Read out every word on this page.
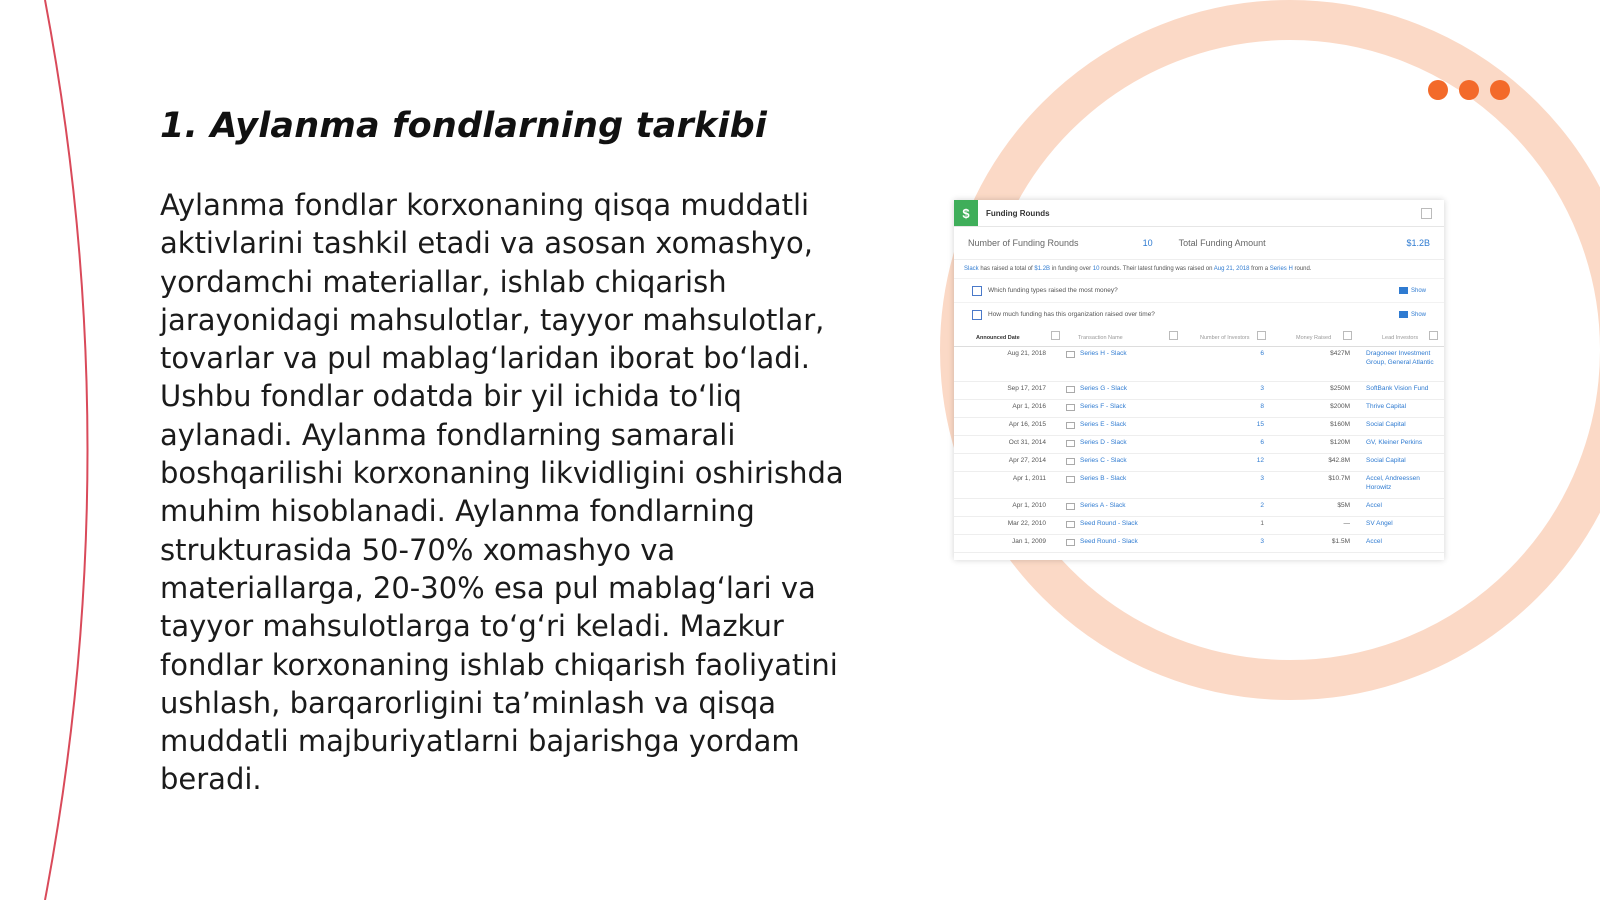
1. Aylanma fondlarning tarkibi

Aylanma fondlar korxonaning qisqa muddatli aktivlarini tashkil etadi va asosan xomashyo, yordamchi materiallar, ishlab chiqarish jarayonidagi mahsulotlar, tayyor mahsulotlar, tovarlar va pul mablag‘laridan iborat bo‘ladi. Ushbu fondlar odatda bir yil ichida to‘liq aylanadi. Aylanma fondlarning samarali boshqarilishi korxonaning likvidligini oshirishda muhim hisoblanadi. Aylanma fondlarning strukturasida 50-70% xomashyo va materiallarga, 20-30% esa pul mablag‘lari va tayyor mahsulotlarga to‘g‘ri keladi. Mazkur fondlar korxonaning ishlab chiqarish faoliyatini ushlash, barqarorligini ta’minlash va qisqa muddatli majburiyatlarni bajarishga yordam beradi.

$	Funding Rounds
Number of Funding Rounds	10	Total Funding Amount	$1.2B
Slack has raised a total of $1.2B in funding over 10 rounds. Their latest funding was raised on Aug 21, 2018 from a Series H round.
Which funding types raised the most money?	Show
How much funding has this organization raised over time?	Show
Announced Date	Transaction Name	Number of Investors	Money Raised	Lead Investors
Aug 21, 2018	Series H - Slack	6	$427M	Dragoneer Investment Group, General Atlantic
Sep 17, 2017	Series G - Slack	3	$250M	SoftBank Vision Fund
Apr 1, 2016	Series F - Slack	8	$200M	Thrive Capital
Apr 16, 2015	Series E - Slack	15	$160M	Social Capital
Oct 31, 2014	Series D - Slack	6	$120M	GV, Kleiner Perkins
Apr 27, 2014	Series C - Slack	12	$42.8M	Social Capital
Apr 1, 2011	Series B - Slack	3	$10.7M	Accel, Andreessen Horowitz
Apr 1, 2010	Series A - Slack	2	$5M	Accel
Mar 22, 2010	Seed Round - Slack	1	—	SV Angel
Jan 1, 2009	Seed Round - Slack	3	$1.5M	Accel
